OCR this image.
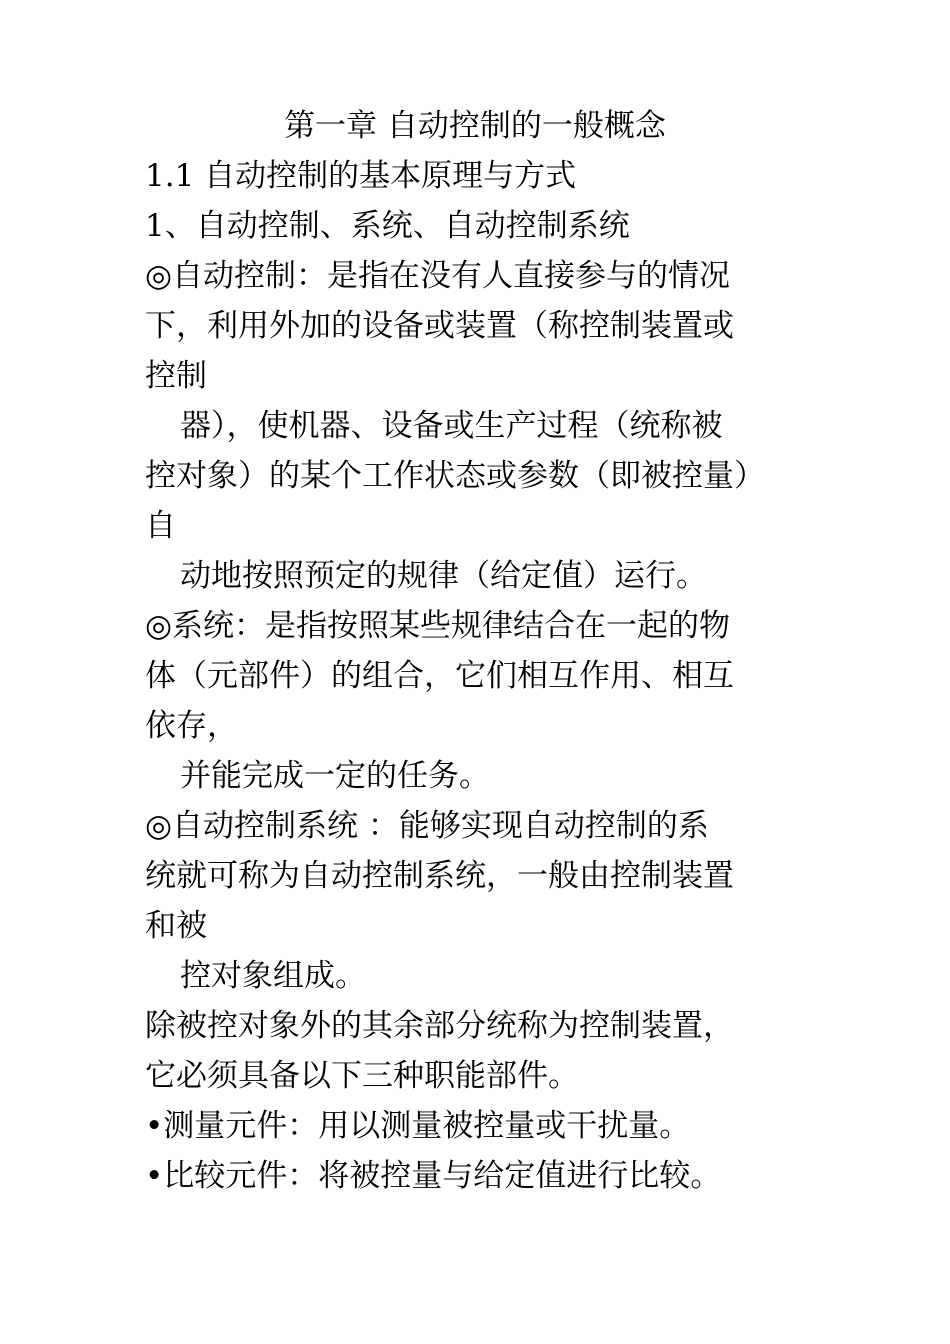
第一章 自动控制的一般概念
1.1 自动控制的基本原理与方式
1、自动控制、系统、自动控制系统
◎自动控制：是指在没有人直接参与的情况
下，利用外加的设备或装置（称控制装置或
控制
器），使机器、设备或生产过程（统称被
控对象）的某个工作状态或参数（即被控量）
自
动地按照预定的规律（给定值）运行。
◎系统：是指按照某些规律结合在一起的物
体（元部件）的组合，它们相互作用、相互
依存，
并能完成一定的任务。
◎自动控制系统 ：能够实现自动控制的系
统就可称为自动控制系统，一般由控制装置
和被
控对象组成。
除被控对象外的其余部分统称为控制装置，
它必须具备以下三种职能部件。
•测量元件：用以测量被控量或干扰量。
•比较元件：将被控量与给定值进行比较。
